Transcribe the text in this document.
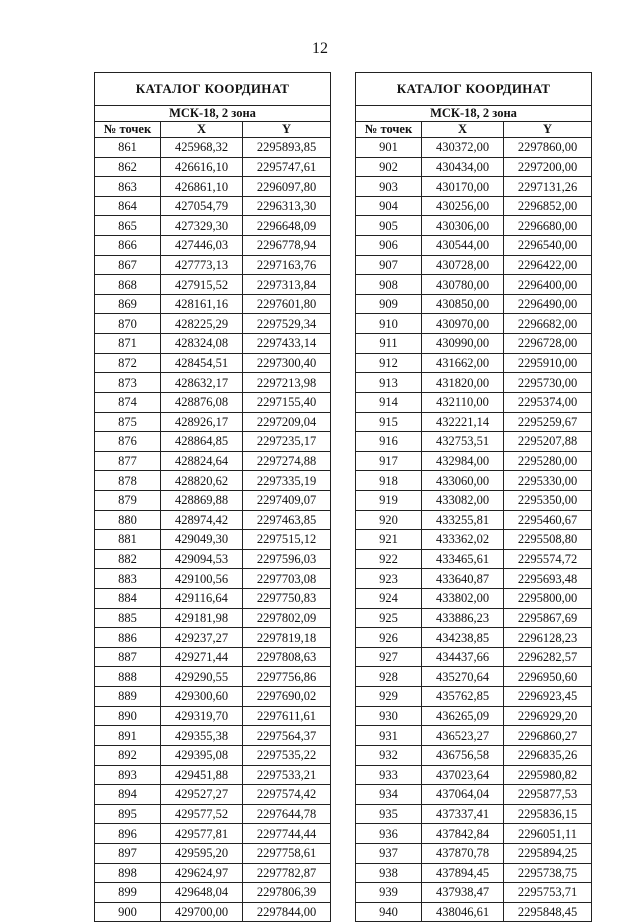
12
КАТАЛОГ КООРДИНАТ		
МСК-18, 2 зона		
№ точек	X	Y
861	425968,32	2295893,85
862	426616,10	2295747,61
863	426861,10	2296097,80
864	427054,79	2296313,30
865	427329,30	2296648,09
866	427446,03	2296778,94
867	427773,13	2297163,76
868	427915,52	2297313,84
869	428161,16	2297601,80
870	428225,29	2297529,34
871	428324,08	2297433,14
872	428454,51	2297300,40
873	428632,17	2297213,98
874	428876,08	2297155,40
875	428926,17	2297209,04
876	428864,85	2297235,17
877	428824,64	2297274,88
878	428820,62	2297335,19
879	428869,88	2297409,07
880	428974,42	2297463,85
881	429049,30	2297515,12
882	429094,53	2297596,03
883	429100,56	2297703,08
884	429116,64	2297750,83
885	429181,98	2297802,09
886	429237,27	2297819,18
887	429271,44	2297808,63
888	429290,55	2297756,86
889	429300,60	2297690,02
890	429319,70	2297611,61
891	429355,38	2297564,37
892	429395,08	2297535,22
893	429451,88	2297533,21
894	429527,27	2297574,42
895	429577,52	2297644,78
896	429577,81	2297744,44
897	429595,20	2297758,61
898	429624,97	2297782,87
899	429648,04	2297806,39
900	429700,00	2297844,00
КАТАЛОГ КООРДИНАТ		
МСК-18, 2 зона		
№ точек	X	Y
901	430372,00	2297860,00
902	430434,00	2297200,00
903	430170,00	2297131,26
904	430256,00	2296852,00
905	430306,00	2296680,00
906	430544,00	2296540,00
907	430728,00	2296422,00
908	430780,00	2296400,00
909	430850,00	2296490,00
910	430970,00	2296682,00
911	430990,00	2296728,00
912	431662,00	2295910,00
913	431820,00	2295730,00
914	432110,00	2295374,00
915	432221,14	2295259,67
916	432753,51	2295207,88
917	432984,00	2295280,00
918	433060,00	2295330,00
919	433082,00	2295350,00
920	433255,81	2295460,67
921	433362,02	2295508,80
922	433465,61	2295574,72
923	433640,87	2295693,48
924	433802,00	2295800,00
925	433886,23	2295867,69
926	434238,85	2296128,23
927	434437,66	2296282,57
928	435270,64	2296950,60
929	435762,85	2296923,45
930	436265,09	2296929,20
931	436523,27	2296860,27
932	436756,58	2296835,26
933	437023,64	2295980,82
934	437064,04	2295877,53
935	437337,41	2295836,15
936	437842,84	2296051,11
937	437870,78	2295894,25
938	437894,45	2295738,75
939	437938,47	2295753,71
940	438046,61	2295848,45
